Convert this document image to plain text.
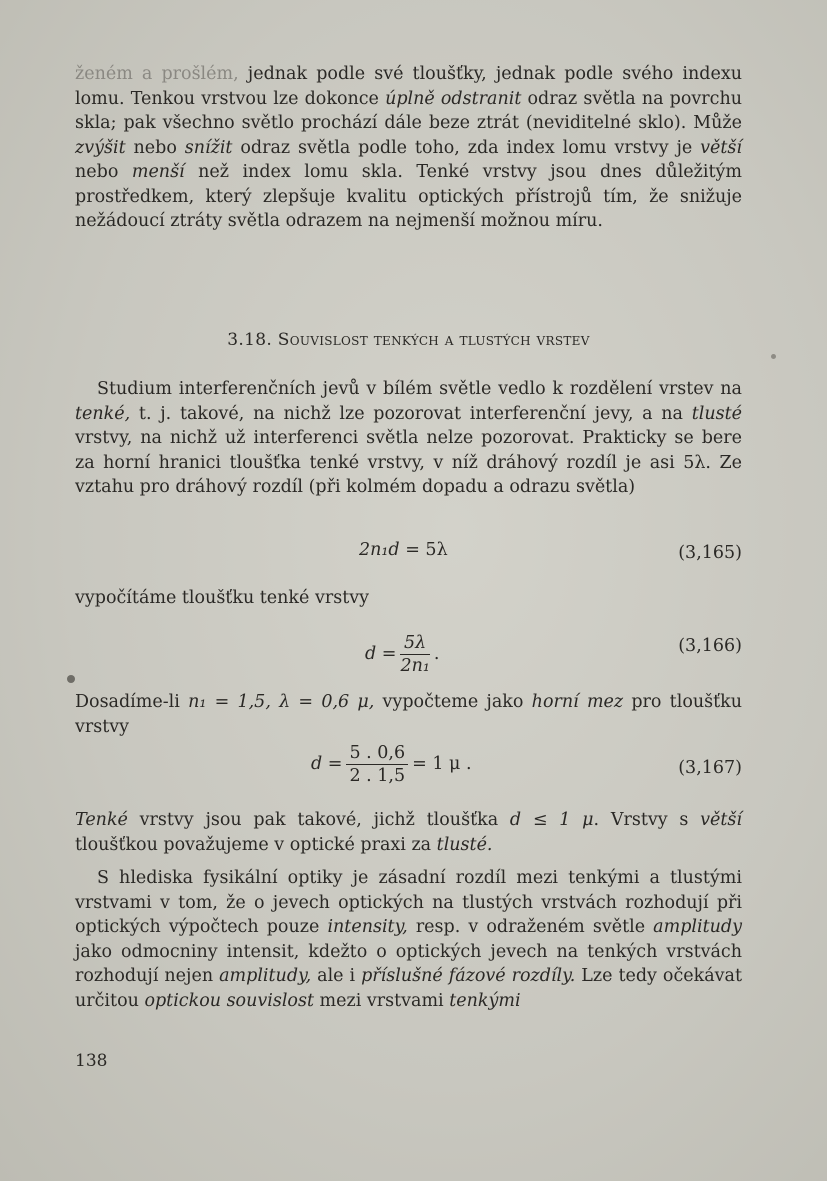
ženém a prošlém, jednak podle své tloušťky, jednak podle svého indexu lomu. Tenkou vrstvou lze dokonce úplně odstranit odraz světla na povrchu skla; pak všechno světlo prochází dále beze ztrát (neviditelné sklo). Může zvýšit nebo snížit odraz světla podle toho, zda index lomu vrstvy je větší nebo menší než index lomu skla. Tenké vrstvy jsou dnes důležitým prostředkem, který zlepšuje kvalitu optických přístrojů tím, že snižuje nežádoucí ztráty světla odrazem na nejmenší možnou míru.
3.18. Souvislost tenkých a tlustých vrstev
Studium interferenčních jevů v bílém světle vedlo k rozdělení vrstev na tenké, t. j. takové, na nichž lze pozorovat interferenční jevy, a na tlusté vrstvy, na nichž už interferenci světla nelze pozorovat. Prakticky se bere za horní hranici tloušťka tenké vrstvy, v níž dráhový rozdíl je asi 5λ. Ze vztahu pro dráhový rozdíl (při kolmém dopadu a odrazu světla)
2n₁d = 5λ	(3,165)
vypočítáme tloušťku tenké vrstvy
$d = \frac{5\lambda}{\text{2n₁}}$ .	(3,166)
Dosadíme-li n₁ = 1,5, λ = 0,6 μ, vypočteme jako horní mez pro tloušťku vrstvy
$d = \frac{5 . 0,6}{2 . 1,5} = 1$ μ .	(3,167)
Tenké vrstvy jsou pak takové, jichž tloušťka d ≤ 1 μ. Vrstvy s větší tloušťkou považujeme v optické praxi za tlusté.
S hlediska fysikální optiky je zásadní rozdíl mezi tenkými a tlustými vrstvami v tom, že o jevech optických na tlustých vrstvách rozhodují při optických výpočtech pouze intensity, resp. v odraženém světle amplitudy jako odmocniny intensit, kdežto o optických jevech na tenkých vrstvách rozhodují nejen amplitudy, ale i příslušné fázové rozdíly. Lze tedy očekávat určitou optickou souvislost mezi vrstvami tenkými
138
